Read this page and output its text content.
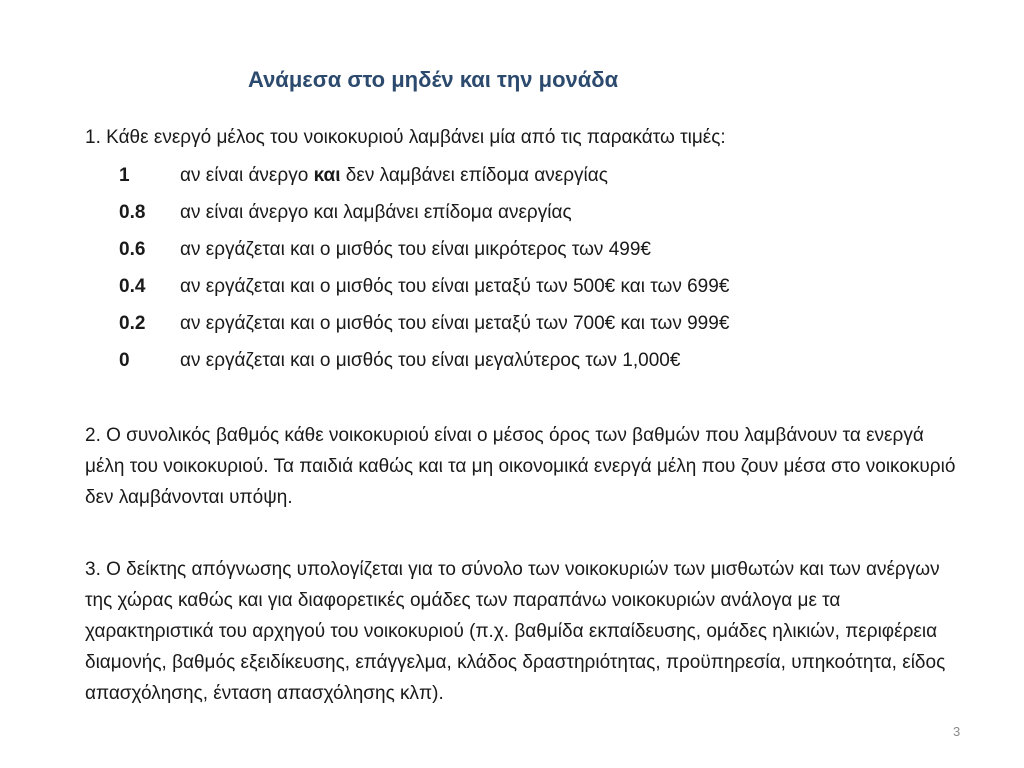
Ανάμεσα στο μηδέν και την μονάδα
1. Κάθε ενεργό μέλος του νοικοκυριού λαμβάνει μία από τις παρακάτω τιμές:
1	αν είναι άνεργο και δεν λαμβάνει επίδομα ανεργίας
0.8 αν είναι άνεργο και λαμβάνει επίδομα ανεργίας
0.6 αν εργάζεται και ο μισθός του είναι μικρότερος των 499€
0.4 αν εργάζεται και ο μισθός του είναι μεταξύ των 500€ και των 699€
0.2 αν εργάζεται και ο μισθός του είναι μεταξύ των 700€ και των 999€
0	αν εργάζεται και ο μισθός του είναι μεγαλύτερος των 1,000€

2. Ο συνολικός βαθμός κάθε νοικοκυριού είναι ο μέσος όρος των βαθμών που λαμβάνουν τα ενεργά μέλη του νοικοκυριού. Τα παιδιά καθώς και τα μη οικονομικά ενεργά μέλη που ζουν μέσα στο νοικοκυριό δεν λαμβάνονται υπόψη.

3. Ο δείκτης απόγνωσης υπολογίζεται για το σύνολο των νοικοκυριών των μισθωτών και των ανέργων της χώρας καθώς και για διαφορετικές ομάδες των παραπάνω νοικοκυριών ανάλογα με τα χαρακτηριστικά του αρχηγού του νοικοκυριού (π.χ. βαθμίδα εκπαίδευσης, ομάδες ηλικιών, περιφέρεια διαμονής, βαθμός εξειδίκευσης, επάγγελμα, κλάδος δραστηριότητας, προϋπηρεσία, υπηκοότητα, είδος απασχόλησης, ένταση απασχόλησης κλπ).

3
